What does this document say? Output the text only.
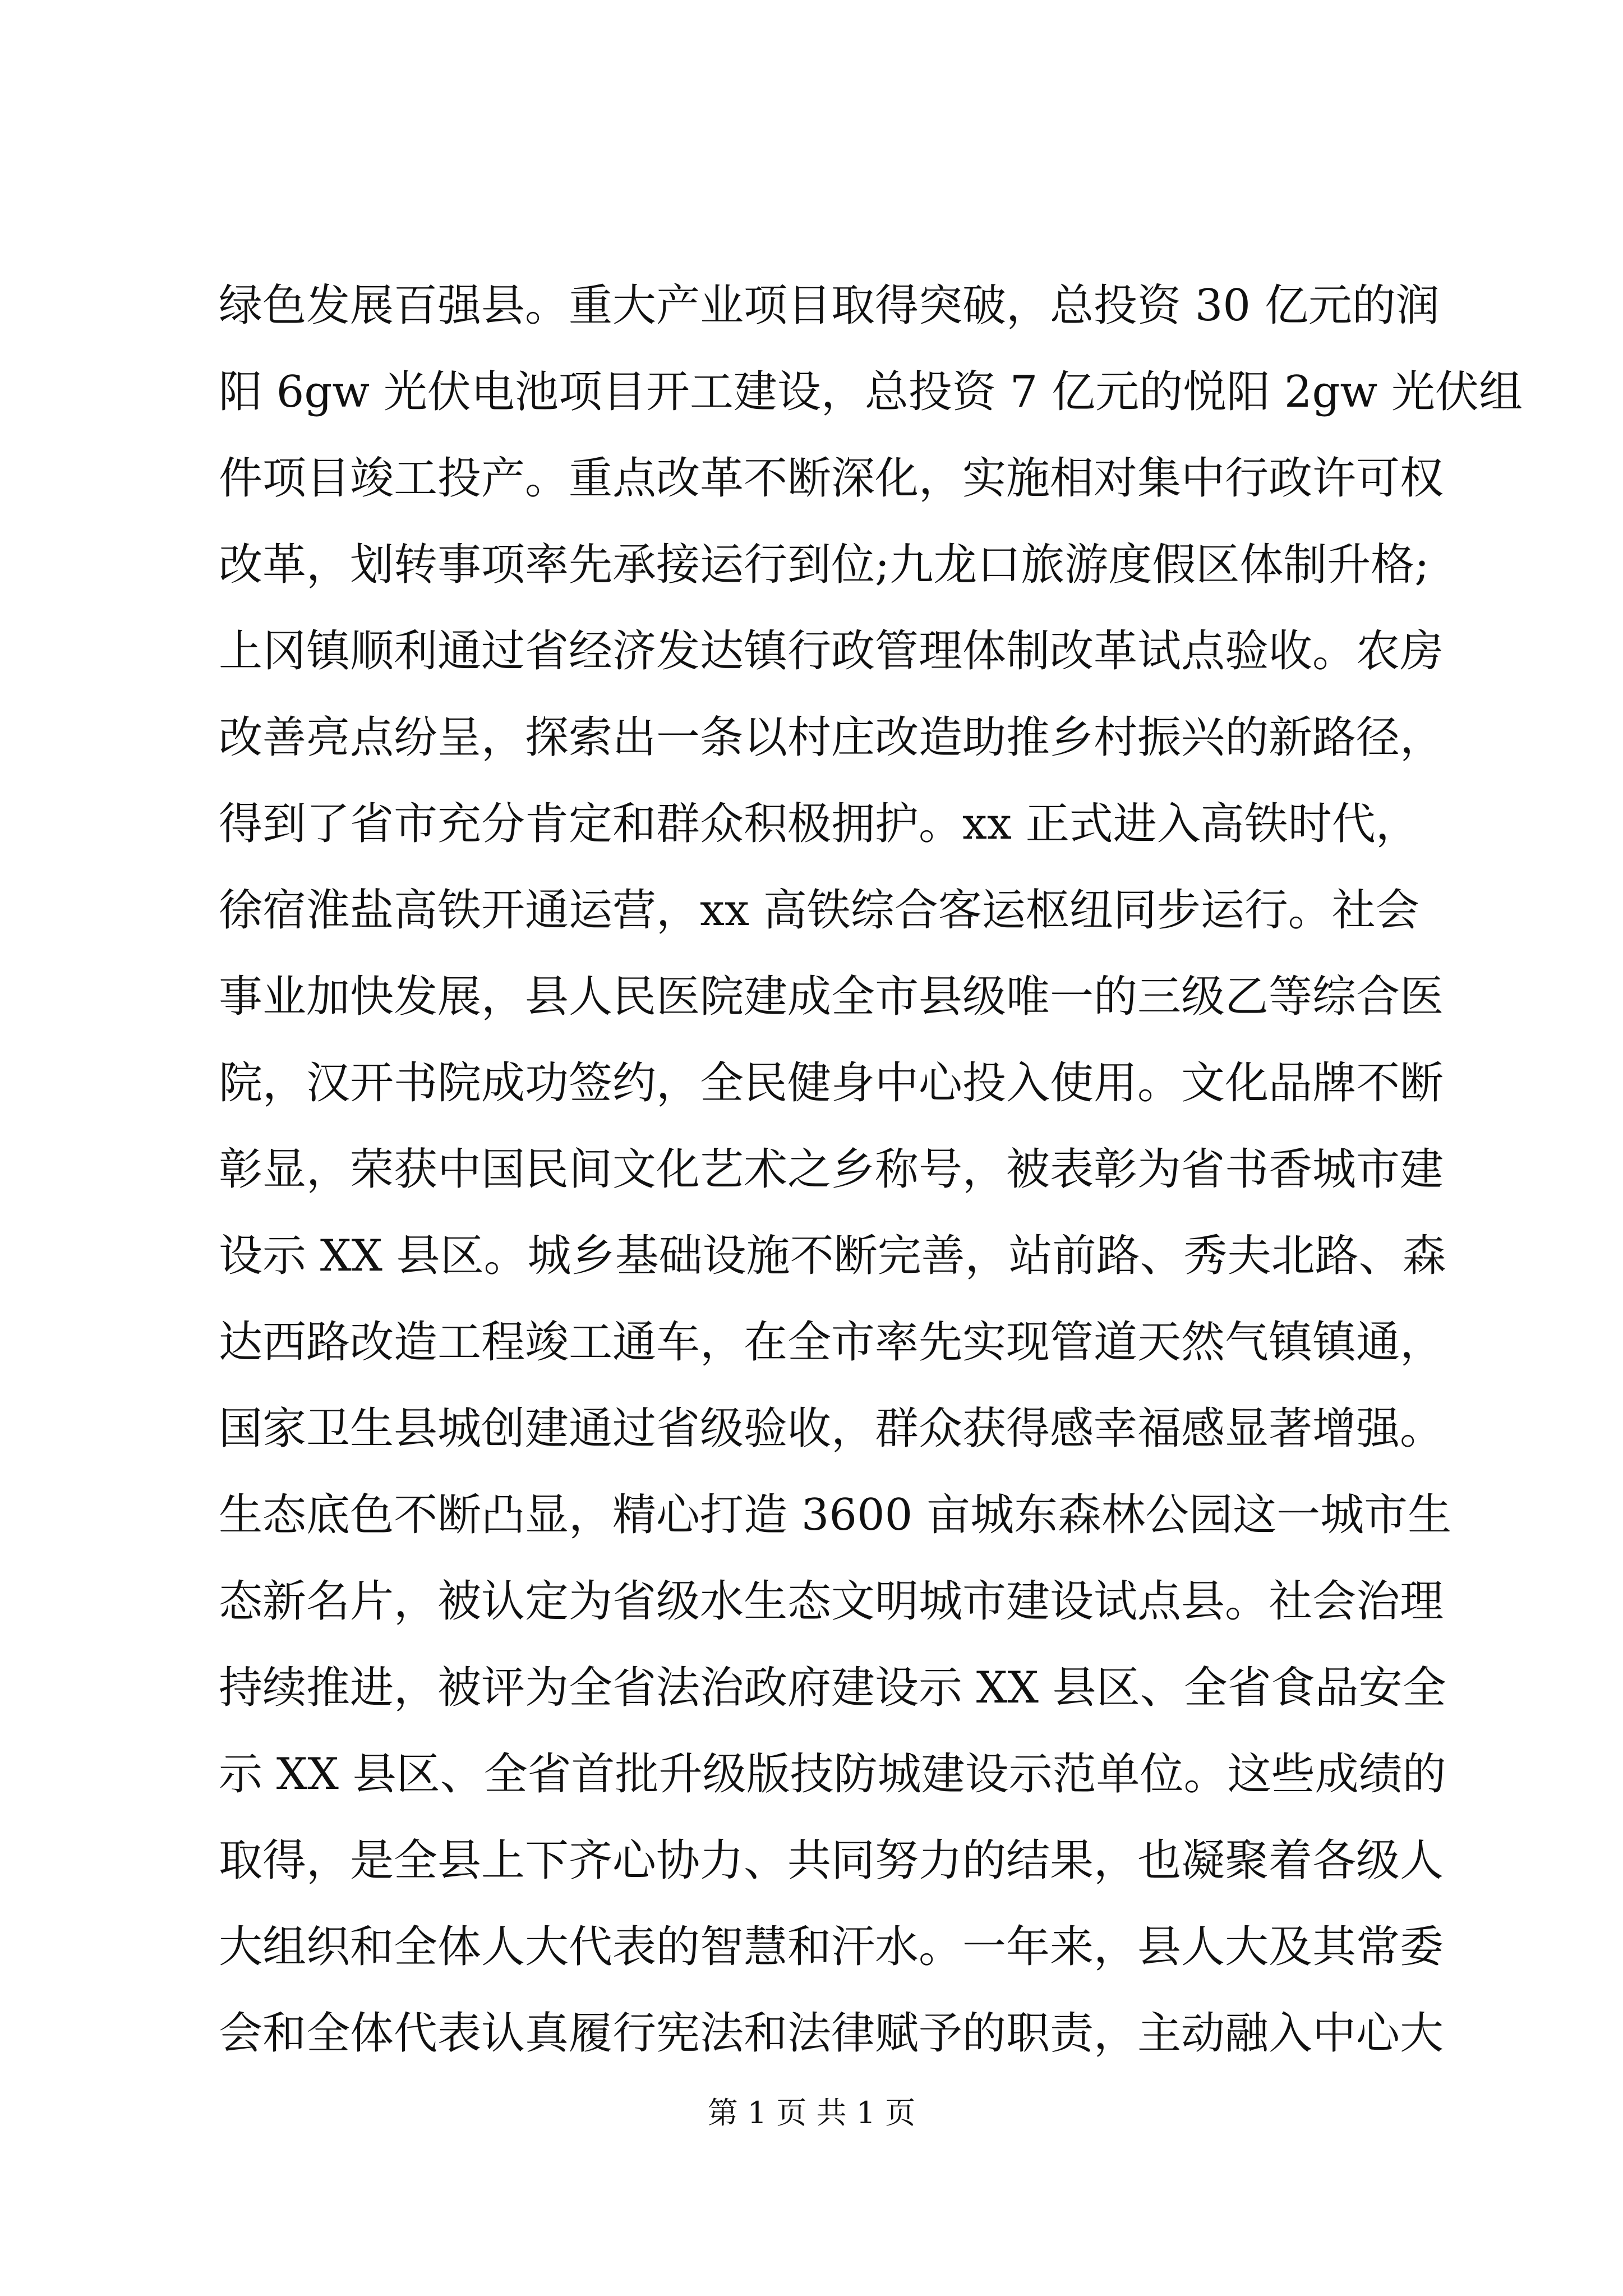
绿色发展百强县。重大产业项目取得突破，总投资 30 亿元的润
阳 6gw 光伏电池项目开工建设，总投资 7 亿元的悦阳 2gw 光伏组
件项目竣工投产。重点改革不断深化，实施相对集中行政许可权
改革，划转事项率先承接运行到位;九龙口旅游度假区体制升格;
上冈镇顺利通过省经济发达镇行政管理体制改革试点验收。农房
改善亮点纷呈，探索出一条以村庄改造助推乡村振兴的新路径，
得到了省市充分肯定和群众积极拥护。xx 正式进入高铁时代，
徐宿淮盐高铁开通运营，xx 高铁综合客运枢纽同步运行。社会
事业加快发展，县人民医院建成全市县级唯一的三级乙等综合医
院，汉开书院成功签约，全民健身中心投入使用。文化品牌不断
彰显，荣获中国民间文化艺术之乡称号，被表彰为省书香城市建
设示 XX 县区。城乡基础设施不断完善，站前路、秀夫北路、森
达西路改造工程竣工通车，在全市率先实现管道天然气镇镇通，
国家卫生县城创建通过省级验收，群众获得感幸福感显著增强。
生态底色不断凸显，精心打造 3600 亩城东森林公园这一城市生
态新名片，被认定为省级水生态文明城市建设试点县。社会治理
持续推进，被评为全省法治政府建设示 XX 县区、全省食品安全
示 XX 县区、全省首批升级版技防城建设示范单位。这些成绩的
取得，是全县上下齐心协力、共同努力的结果，也凝聚着各级人
大组织和全体人大代表的智慧和汗水。一年来，县人大及其常委
会和全体代表认真履行宪法和法律赋予的职责，主动融入中心大
第 1 页 共 1 页
